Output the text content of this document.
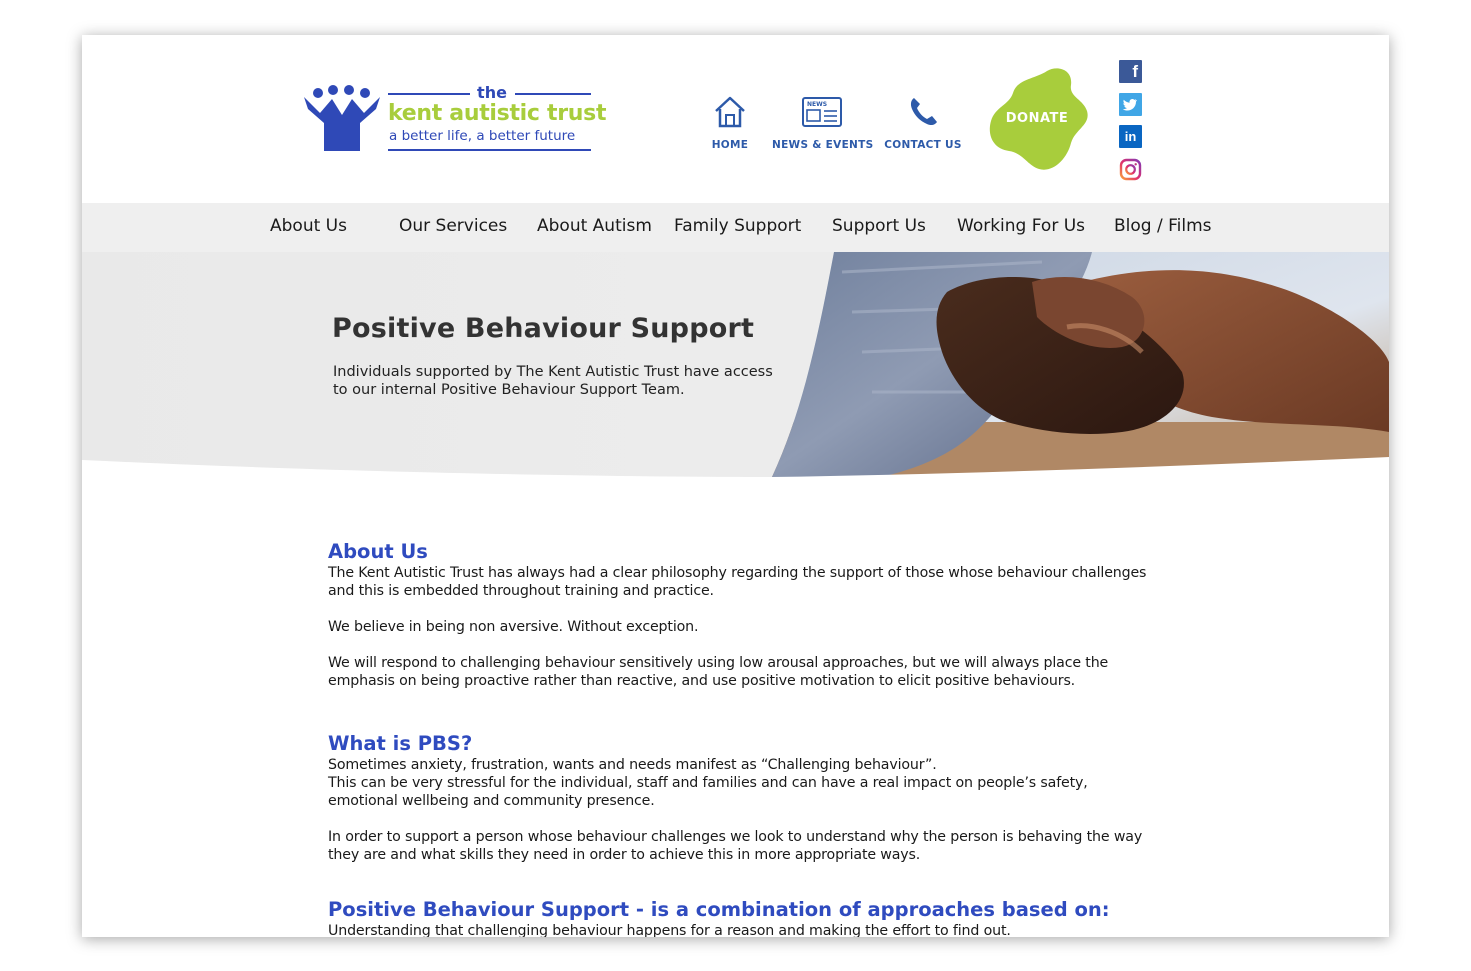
the
kent autistic trust
a better life, a better future
HOME
NEWS
NEWS & EVENTS	CONTACT US
DONATE
f
in
About Us	Our Services About Autism Family Support Support Us Working For Us Blog / Films
Positive Behaviour Support

Individuals supported by The Kent Autistic Trust have access to our internal Positive Behaviour Support Team.

About Us

The Kent Autistic Trust has always had a clear philosophy regarding the support of those whose behaviour challenges and this is embedded throughout training and practice.

We believe in being non aversive. Without exception.

We will respond to challenging behaviour sensitively using low arousal approaches, but we will always place the emphasis on being proactive rather than reactive, and use positive motivation to elicit positive behaviours.

What is PBS?

Sometimes anxiety, frustration, wants and needs manifest as “Challenging behaviour”.

This can be very stressful for the individual, staff and families and can have a real impact on people’s safety, emotional wellbeing and community presence.

In order to support a person whose behaviour challenges we look to understand why the person is behaving the way they are and what skills they need in order to achieve this in more appropriate ways.

Positive Behaviour Support - is a combination of approaches based on:

Understanding that challenging behaviour happens for a reason and making the effort to find out.
